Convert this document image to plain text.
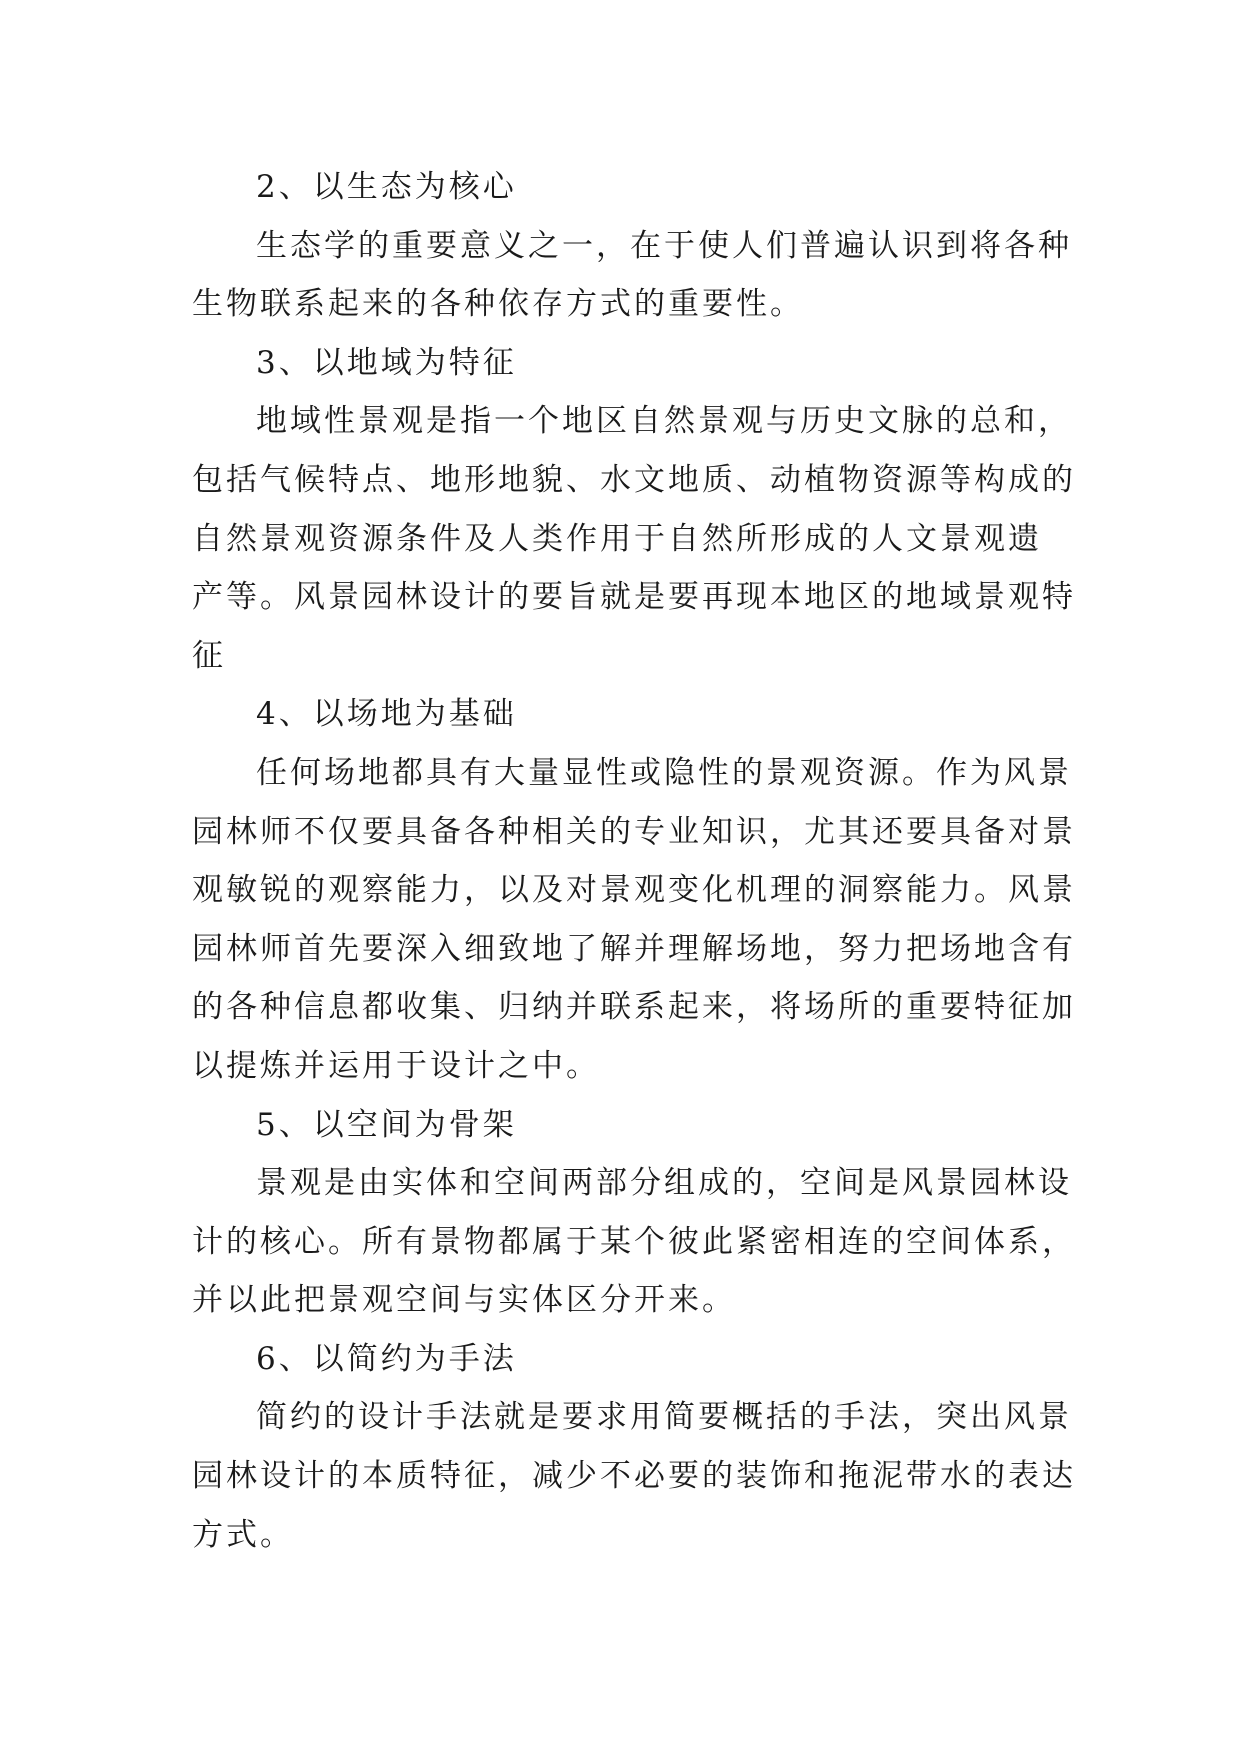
2、以生态为核心
生态学的重要意义之一，在于使人们普遍认识到将各种
生物联系起来的各种依存方式的重要性。
3、以地域为特征
地域性景观是指一个地区自然景观与历史文脉的总和，
包括气候特点、地形地貌、水文地质、动植物资源等构成的
自然景观资源条件及人类作用于自然所形成的人文景观遗
产等。风景园林设计的要旨就是要再现本地区的地域景观特
征
4、以场地为基础
任何场地都具有大量显性或隐性的景观资源。作为风景
园林师不仅要具备各种相关的专业知识，尤其还要具备对景
观敏锐的观察能力，以及对景观变化机理的洞察能力。风景
园林师首先要深入细致地了解并理解场地，努力把场地含有
的各种信息都收集、归纳并联系起来，将场所的重要特征加
以提炼并运用于设计之中。
5、以空间为骨架
景观是由实体和空间两部分组成的，空间是风景园林设
计的核心。所有景物都属于某个彼此紧密相连的空间体系，
并以此把景观空间与实体区分开来。
6、以简约为手法
简约的设计手法就是要求用简要概括的手法，突出风景
园林设计的本质特征，减少不必要的装饰和拖泥带水的表达
方式。
